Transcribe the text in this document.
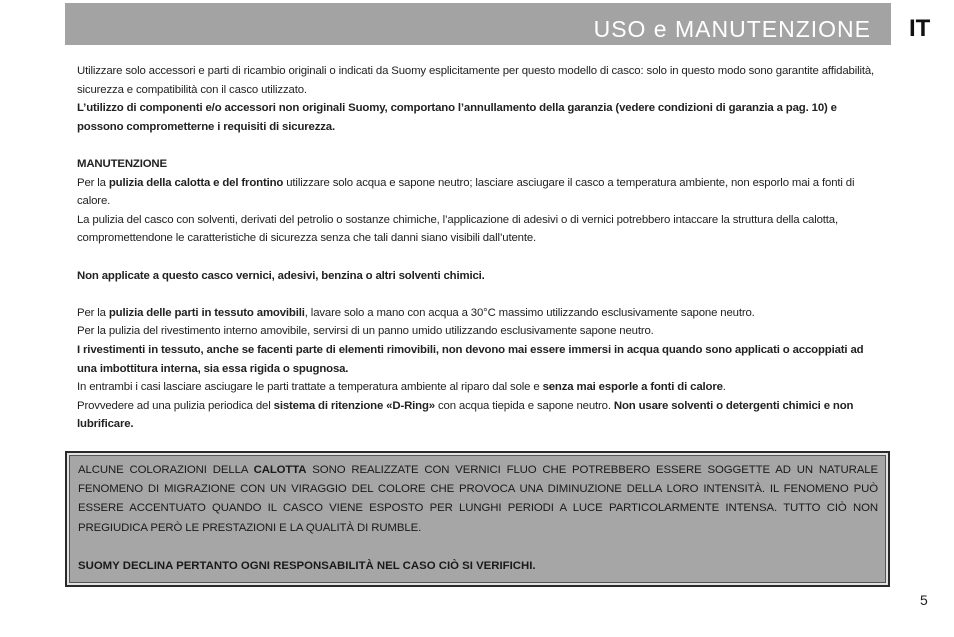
USO e MANUTENZIONE IT

Utilizzare solo accessori e parti di ricambio originali o indicati da Suomy esplicitamente per questo modello di casco: solo in questo modo sono garantite affidabilità, sicurezza e compatibilità con il casco utilizzato.

L’utilizzo di componenti e/o accessori non originali Suomy, comportano l’annullamento della garanzia (vedere condizioni di garanzia a pag. 10) e possono comprometterne i requisiti di sicurezza.

MANUTENZIONE

Per la pulizia della calotta e del frontino utilizzare solo acqua e sapone neutro; lasciare asciugare il casco a temperatura ambiente, non esporlo mai a fonti di calore.

La pulizia del casco con solventi, derivati del petrolio o sostanze chimiche, l’applicazione di adesivi o di vernici potrebbero intaccare la struttura della calotta, compromettendone le caratteristiche di sicurezza senza che tali danni siano visibili dall’utente.

Non applicate a questo casco vernici, adesivi, benzina o altri solventi chimici.

Per la pulizia delle parti in tessuto amovibili, lavare solo a mano con acqua a 30°C massimo utilizzando esclusivamente sapone neutro.

Per la pulizia del rivestimento interno amovibile, servirsi di un panno umido utilizzando esclusivamente sapone neutro.

I rivestimenti in tessuto, anche se facenti parte di elementi rimovibili, non devono mai essere immersi in acqua quando sono applicati o accoppiati ad una imbottitura interna, sia essa rigida o spugnosa.

In entrambi i casi lasciare asciugare le parti trattate a temperatura ambiente al riparo dal sole e senza mai esporle a fonti di calore.

Provvedere ad una pulizia periodica del sistema di ritenzione «D-Ring» con acqua tiepida e sapone neutro. Non usare solventi o detergenti chimici e non lubrificare.

ALCUNE COLORAZIONI DELLA CALOTTA SONO REALIZZATE CON VERNICI FLUO CHE POTREBBERO ESSERE SOGGETTE AD UN NATURALE FENOMENO DI MIGRAZIONE CON UN VIRAGGIO DEL COLORE CHE PROVOCA UNA DIMINUZIONE DELLA LORO INTENSITÀ. IL FENOMENO PUÒ ESSERE ACCENTUATO QUANDO IL CASCO VIENE ESPOSTO PER LUNGHI PERIODI A LUCE PARTICOLARMENTE INTENSA. TUTTO CIÒ NON PREGIUDICA PERÒ LE PRESTAZIONI E LA QUALITÀ DI RUMBLE.

SUOMY DECLINA PERTANTO OGNI RESPONSABILITÀ NEL CASO CIÒ SI VERIFICHI.

5
